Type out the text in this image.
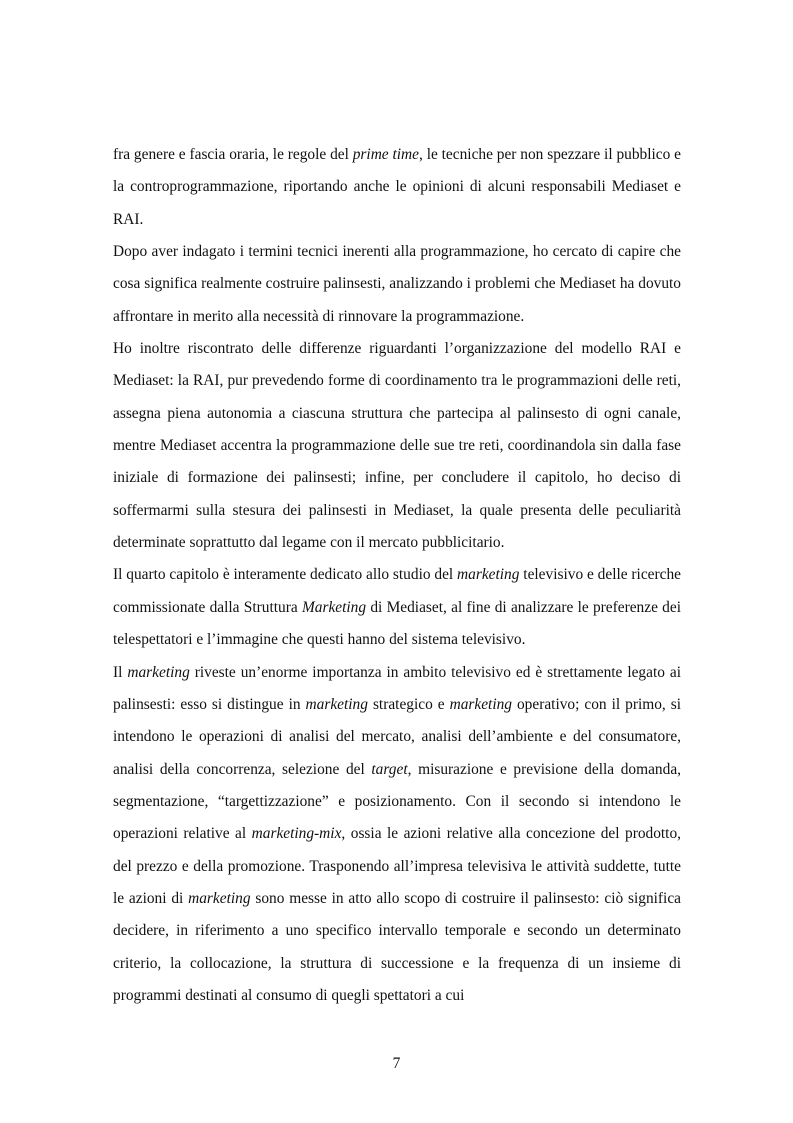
fra genere e fascia oraria, le regole del prime time, le tecniche per non spezzare il pubblico e la controprogrammazione, riportando anche le opinioni di alcuni responsabili Mediaset e RAI.

Dopo aver indagato i termini tecnici inerenti alla programmazione, ho cercato di capire che cosa significa realmente costruire palinsesti, analizzando i problemi che Mediaset ha dovuto affrontare in merito alla necessità di rinnovare la programmazione.

Ho inoltre riscontrato delle differenze riguardanti l’organizzazione del modello RAI e Mediaset: la RAI, pur prevedendo forme di coordinamento tra le programmazioni delle reti, assegna piena autonomia a ciascuna struttura che partecipa al palinsesto di ogni canale, mentre Mediaset accentra la programmazione delle sue tre reti, coordinandola sin dalla fase iniziale di formazione dei palinsesti; infine, per concludere il capitolo, ho deciso di soffermarmi sulla stesura dei palinsesti in Mediaset, la quale presenta delle peculiarità determinate soprattutto dal legame con il mercato pubblicitario.

Il quarto capitolo è interamente dedicato allo studio del marketing televisivo e delle ricerche commissionate dalla Struttura Marketing di Mediaset, al fine di analizzare le preferenze dei telespettatori e l’immagine che questi hanno del sistema televisivo.

Il marketing riveste un’enorme importanza in ambito televisivo ed è strettamente legato ai palinsesti: esso si distingue in marketing strategico e marketing operativo; con il primo, si intendono le operazioni di analisi del mercato, analisi dell’ambiente e del consumatore, analisi della concorrenza, selezione del target, misurazione e previsione della domanda, segmentazione, “targettizzazione” e posizionamento. Con il secondo si intendono le operazioni relative al marketing-mix, ossia le azioni relative alla concezione del prodotto, del prezzo e della promozione. Trasponendo all’impresa televisiva le attività suddette, tutte le azioni di marketing sono messe in atto allo scopo di costruire il palinsesto: ciò significa decidere, in riferimento a uno specifico intervallo temporale e secondo un determinato criterio, la collocazione, la struttura di successione e la frequenza di un insieme di programmi destinati al consumo di quegli spettatori a cui

7
